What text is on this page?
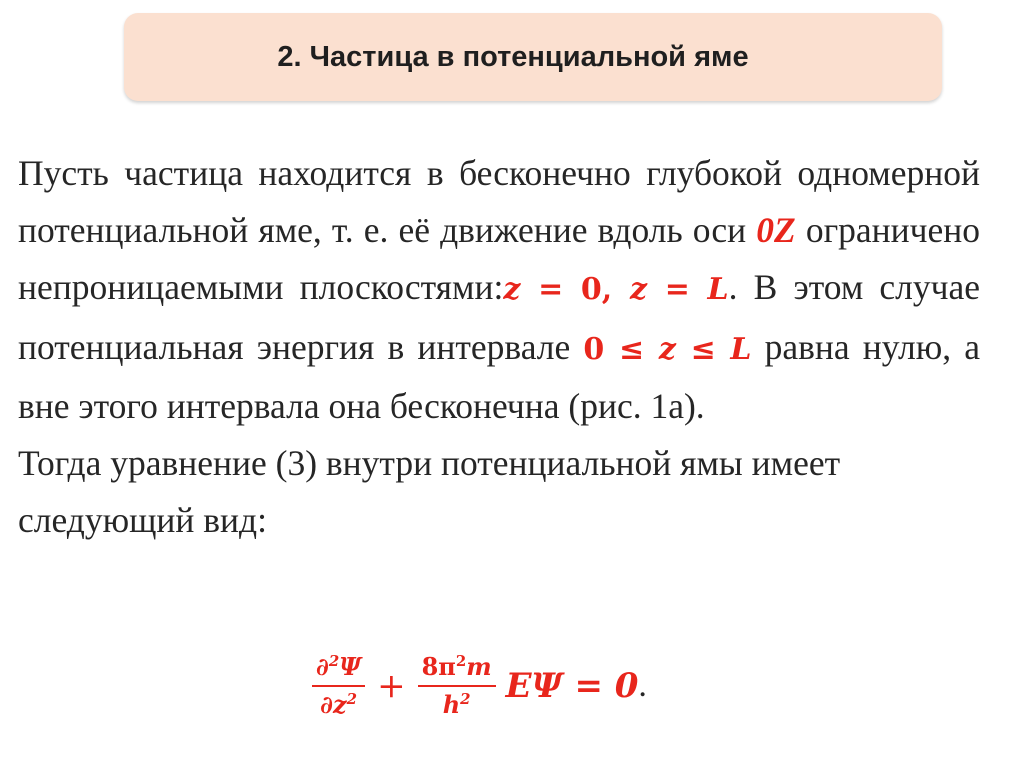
2. Частица в потенциальной яме

Пусть частица находится в бесконечно глубокой одномерной потенциальной яме, т. е. её движение вдоль оси 0Z ограничено непроницаемыми плоскостями:z = 0, z = L. В этом случае потенциальная энергия в интервале 0 ≤ z ≤ L равна нулю, а вне этого интервала она бесконечна (рис. 1а).

Тогда уравнение (3) внутри потенциальной ямы имеет следующий вид:

$\frac{\partial^2\Psi}{\partial z^2} + \frac{8\pi^2m}{h^2}$ EΨ = 0 .
